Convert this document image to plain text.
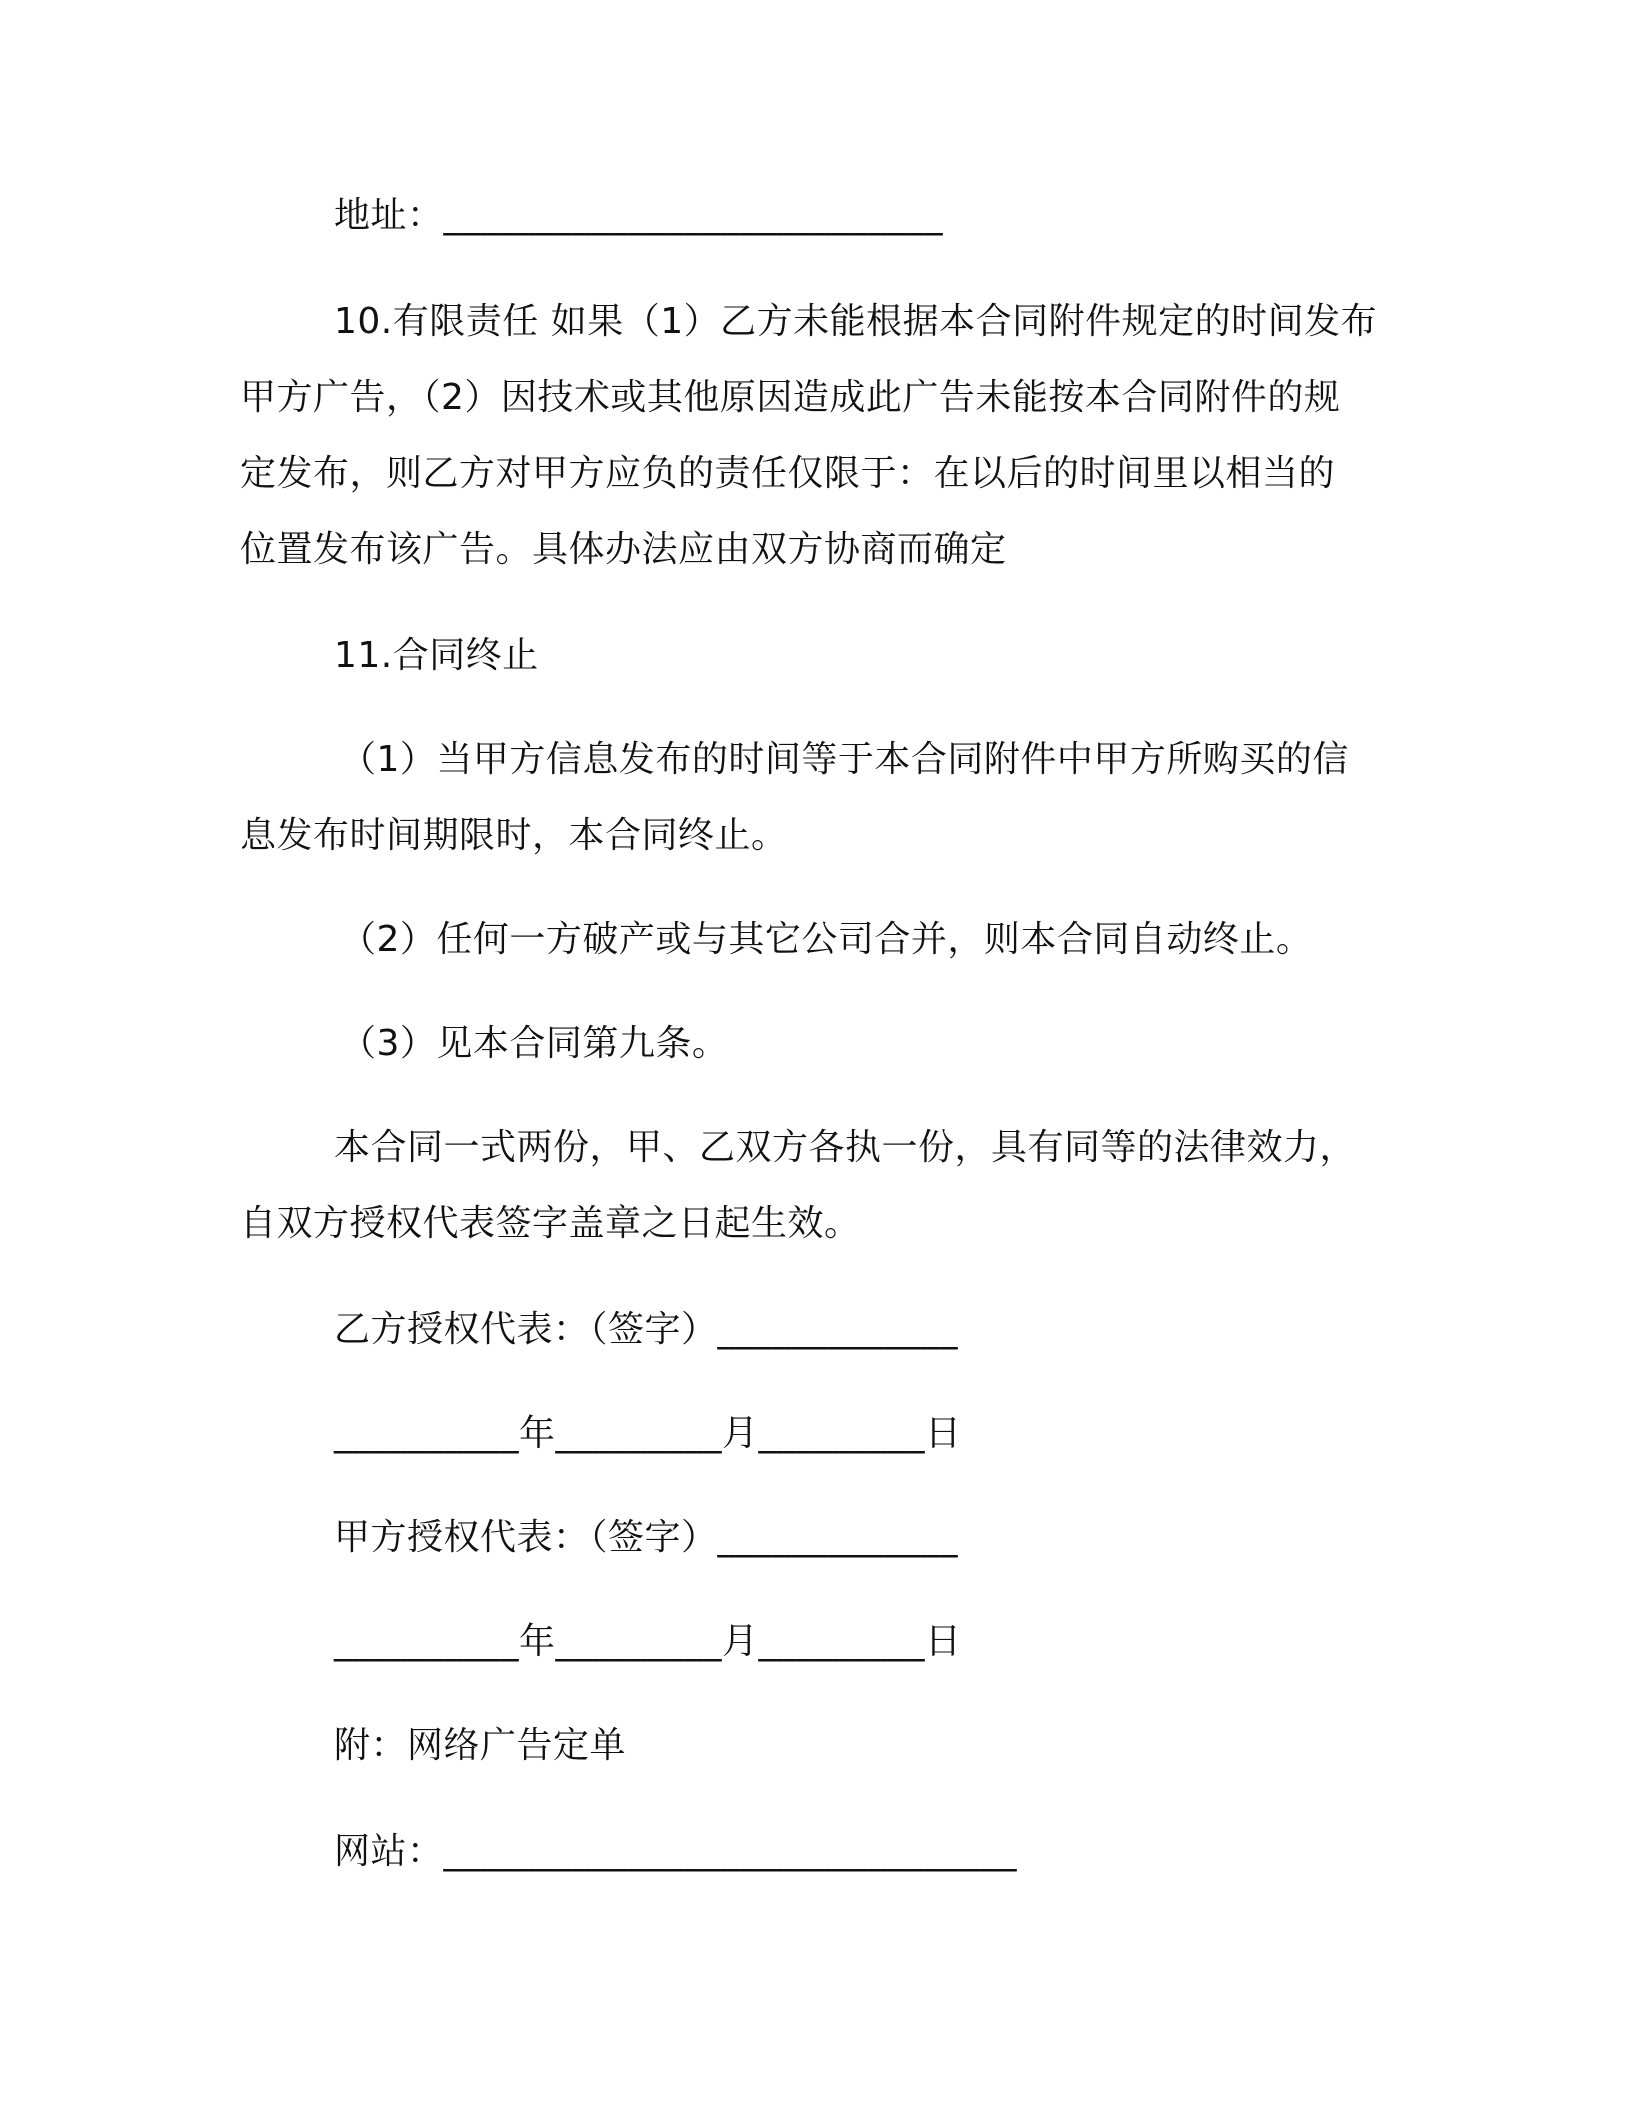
地址：___________________________
10.有限责任 如果（1）乙方未能根据本合同附件规定的时间发布
甲方广告，（2）因技术或其他原因造成此广告未能按本合同附件的规
定发布，则乙方对甲方应负的责任仅限于：在以后的时间里以相当的
位置发布该广告。具体办法应由双方协商而确定
11.合同终止
（1）当甲方信息发布的时间等于本合同附件中甲方所购买的信
息发布时间期限时，本合同终止。
（2）任何一方破产或与其它公司合并，则本合同自动终止。
（3）见本合同第九条。
本合同一式两份，甲、乙双方各执一份，具有同等的法律效力，
自双方授权代表签字盖章之日起生效。
乙方授权代表：（签字）_____________
__________年_________月_________日
甲方授权代表：（签字）_____________
__________年_________月_________日
附：网络广告定单
网站：_______________________________
